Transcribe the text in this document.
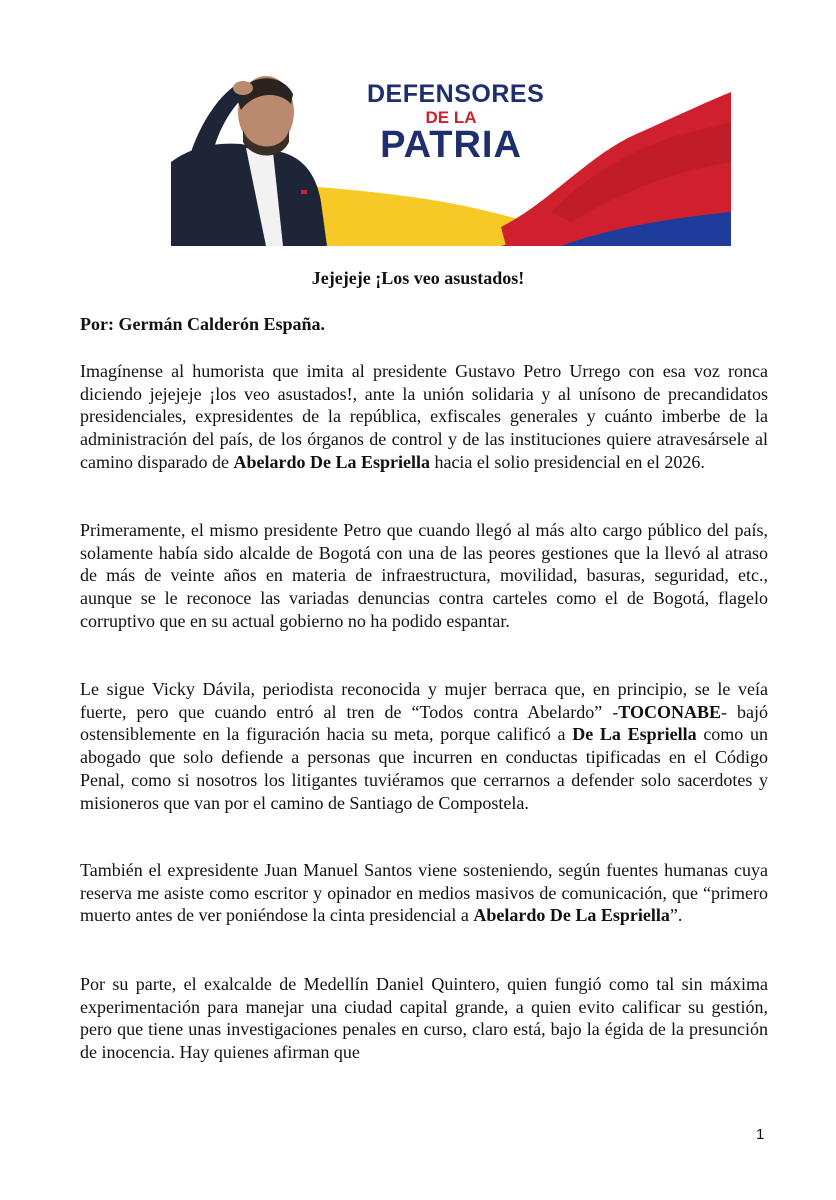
DEFENSORES
DE LA
PATRIA
Jejejeje ¡Los veo asustados!
Por: Germán Calderón España.
Imagínense al humorista que imita al presidente Gustavo Petro Urrego con esa voz ronca diciendo jejejeje ¡los veo asustados!, ante la unión solidaria y al unísono de precandidatos presidenciales, expresidentes de la república, exfiscales generales y cuánto imberbe de la administración del país, de los órganos de control y de las instituciones quiere atravesársele al camino disparado de Abelardo De La Espriella hacia el solio presidencial en el 2026.
Primeramente, el mismo presidente Petro que cuando llegó al más alto cargo público del país, solamente había sido alcalde de Bogotá con una de las peores gestiones que la llevó al atraso de más de veinte años en materia de infraestructura, movilidad, basuras, seguridad, etc., aunque se le reconoce las variadas denuncias contra carteles como el de Bogotá, flagelo corruptivo que en su actual gobierno no ha podido espantar.
Le sigue Vicky Dávila, periodista reconocida y mujer berraca que, en principio, se le veía fuerte, pero que cuando entró al tren de “Todos contra Abelardo” -TOCONABE- bajó ostensiblemente en la figuración hacia su meta, porque calificó a De La Espriella como un abogado que solo defiende a personas que incurren en conductas tipificadas en el Código Penal, como si nosotros los litigantes tuviéramos que cerrarnos a defender solo sacerdotes y misioneros que van por el camino de Santiago de Compostela.
También el expresidente Juan Manuel Santos viene sosteniendo, según fuentes humanas cuya reserva me asiste como escritor y opinador en medios masivos de comunicación, que “primero muerto antes de ver poniéndose la cinta presidencial a Abelardo De La Espriella”.
Por su parte, el exalcalde de Medellín Daniel Quintero, quien fungió como tal sin máxima experimentación para manejar una ciudad capital grande, a quien evito calificar su gestión, pero que tiene unas investigaciones penales en curso, claro está, bajo la égida de la presunción de inocencia. Hay quienes afirman que
1
